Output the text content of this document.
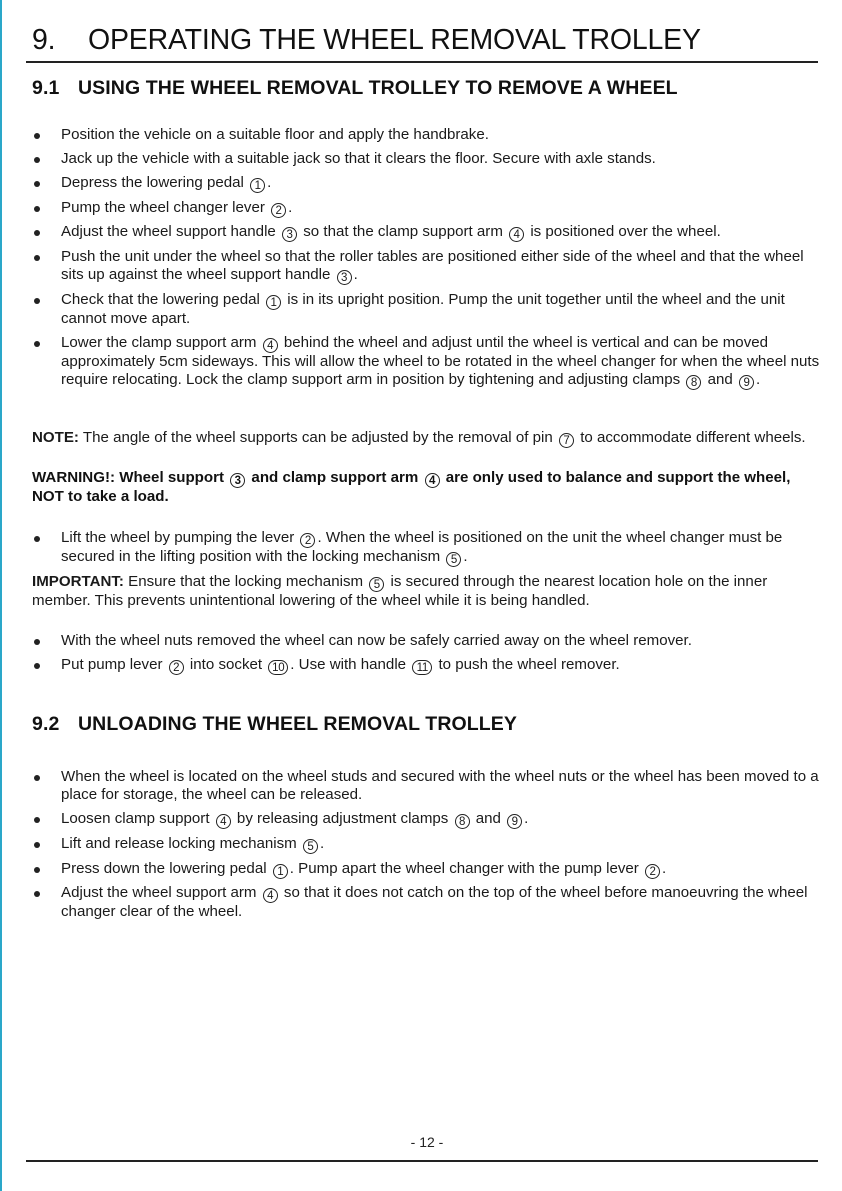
9. OPERATING THE WHEEL REMOVAL TROLLEY
9.1 USING THE WHEEL REMOVAL TROLLEY TO REMOVE A WHEEL
Position the vehicle on a suitable floor and apply the handbrake.
Jack up the vehicle with a suitable jack so that it clears the floor. Secure with axle stands.
Depress the lowering pedal 1 .
Pump the wheel changer lever 2 .
Adjust the wheel support handle 3 so that the clamp support arm 4 is positioned over the wheel.
Push the unit under the wheel so that the roller tables are positioned either side of the wheel and that the wheel sits up against the wheel support handle 3 .
Check that the lowering pedal 1 is in its upright position. Pump the unit together until the wheel and the unit cannot move apart.
Lower the clamp support arm 4 behind the wheel and adjust until the wheel is vertical and can be moved approximately 5cm sideways. This will allow the wheel to be rotated in the wheel changer for when the wheel nuts require relocating. Lock the clamp support arm in position by tightening and adjusting clamps 8 and 9 .

NOTE: The angle of the wheel supports can be adjusted by the removal of pin 7 to accommodate different wheels.

WARNING!: Wheel support 3 and clamp support arm 4 are only used to balance and support the wheel, NOT to take a load.

Lift the wheel by pumping the lever 2 . When the wheel is positioned on the unit the wheel changer must be secured in the lifting position with the locking mechanism 5 .

IMPORTANT: Ensure that the locking mechanism 5 is secured through the nearest location hole on the inner member. This prevents unintentional lowering of the wheel while it is being handled.

With the wheel nuts removed the wheel can now be safely carried away on the wheel remover.
Put pump lever 2 into socket 10 . Use with handle 11 to push the wheel remover.
9.2 UNLOADING THE WHEEL REMOVAL TROLLEY
When the wheel is located on the wheel studs and secured with the wheel nuts or the wheel has been moved to a place for storage, the wheel can be released.
Loosen clamp support 4 by releasing adjustment clamps 8 and 9 .
Lift and release locking mechanism 5 .
Press down the lowering pedal 1 . Pump apart the wheel changer with the pump lever 2 .
Adjust the wheel support arm 4 so that it does not catch on the top of the wheel before manoeuvring the wheel changer clear of the wheel.
- 12 -
